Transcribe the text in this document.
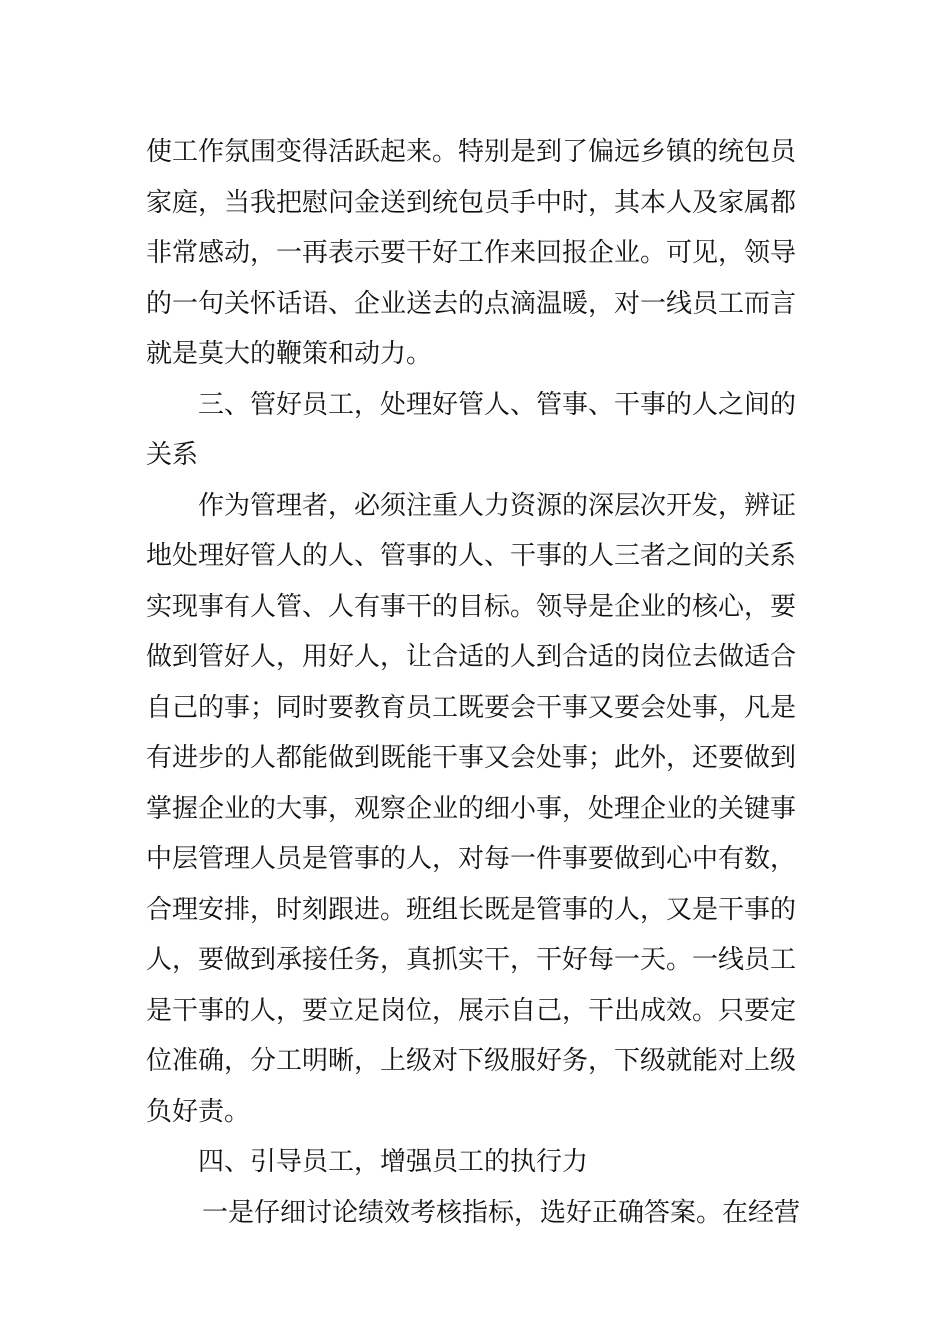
使工作氛围变得活跃起来。特别是到了偏远乡镇的统包员
家庭，当我把慰问金送到统包员手中时，其本人及家属都
非常感动，一再表示要干好工作来回报企业。可见，领导
的一句关怀话语、企业送去的点滴温暖，对一线员工而言
就是莫大的鞭策和动力。
三、管好员工，处理好管人、管事、干事的人之间的
关系
作为管理者，必须注重人力资源的深层次开发，辨证
地处理好管人的人、管事的人、干事的人三者之间的关系
实现事有人管、人有事干的目标。领导是企业的核心，要
做到管好人，用好人，让合适的人到合适的岗位去做适合
自己的事；同时要教育员工既要会干事又要会处事，凡是
有进步的人都能做到既能干事又会处事；此外，还要做到
掌握企业的大事，观察企业的细小事，处理企业的关键事
中层管理人员是管事的人，对每一件事要做到心中有数，
合理安排，时刻跟进。班组长既是管事的人，又是干事的
人，要做到承接任务，真抓实干，干好每一天。一线员工
是干事的人，要立足岗位，展示自己，干出成效。只要定
位准确，分工明晰，上级对下级服好务，下级就能对上级
负好责。
四、引导员工，增强员工的执行力
一是仔细讨论绩效考核指标，选好正确答案。在经营
